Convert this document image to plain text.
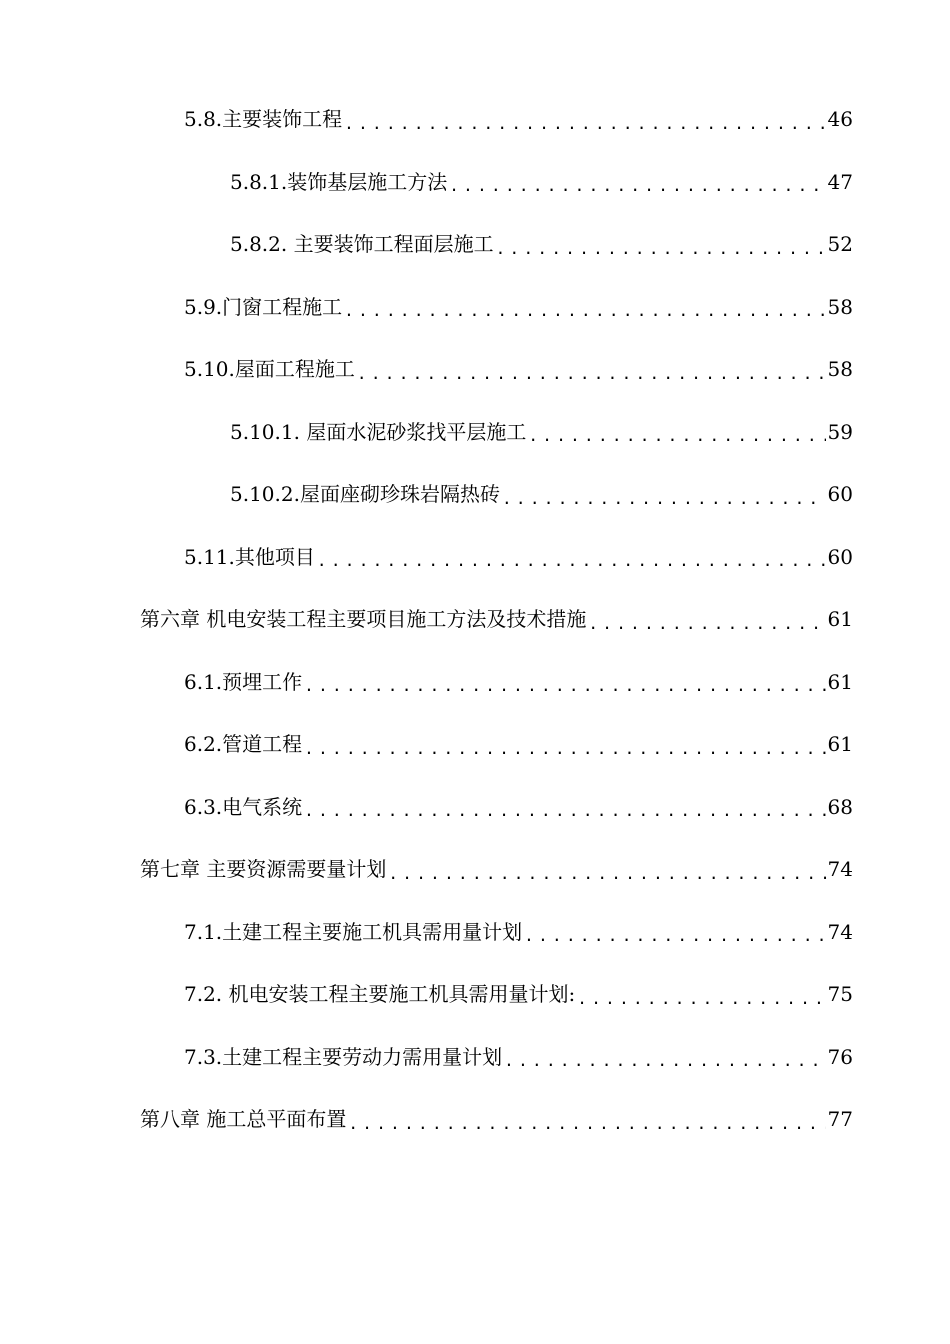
5.8.主要装饰工程 .....	46
5.8.1.装饰基层施工方法 .....	47
5.8.2. 主要装饰工程面层施工 .....	52
5.9.门窗工程施工 .....	58
5.10.屋面工程施工 .....	58
5.10.1. 屋面水泥砂浆找平层施工 .....	59
5.10.2.屋面座砌珍珠岩隔热砖 .....	60
5.11.其他项目 .....	60
第六章 机电安装工程主要项目施工方法及技术措施 .....	61
6.1.预埋工作 .....	61
6.2.管道工程 .....	61
6.3.电气系统 .....	68
第七章 主要资源需要量计划 .....	74
7.1.土建工程主要施工机具需用量计划 .....	74
7.2. 机电安装工程主要施工机具需用量计划: .....	75
7.3.土建工程主要劳动力需用量计划 .....	76
第八章 施工总平面布置 .....	77
